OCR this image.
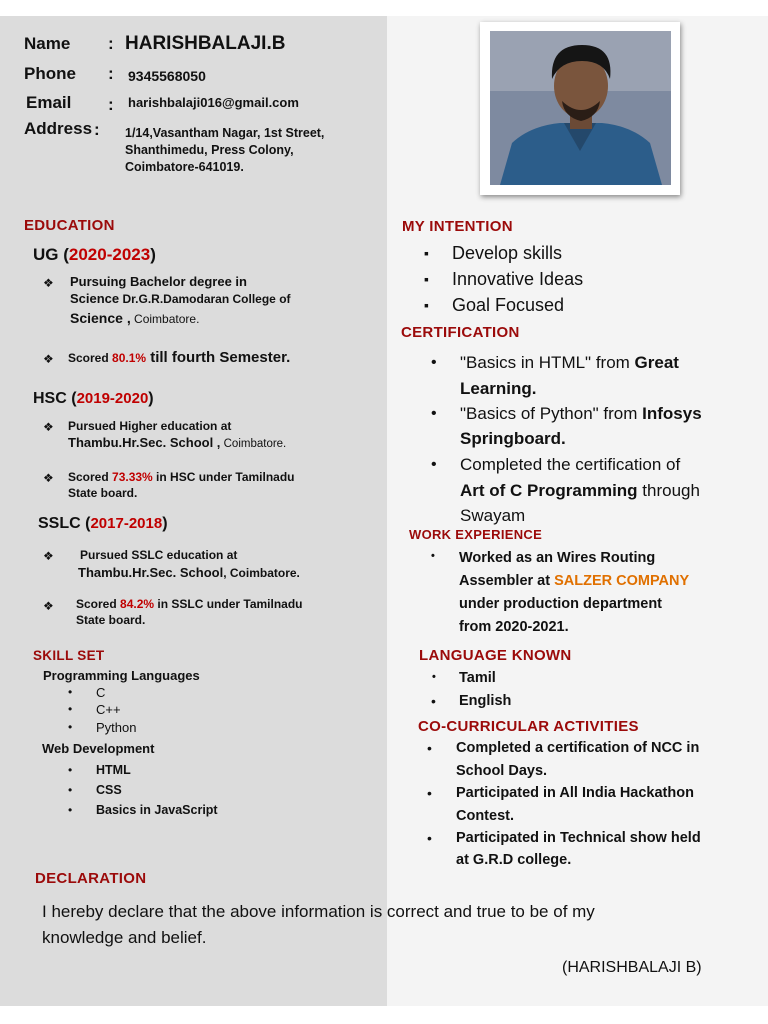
Name : HARISHBALAJI.B
Phone : 9345568050
Email : harishbalaji016@gmail.com
Address : 1/14,Vasantham Nagar, 1st Street,
Shanthimedu, Press Colony,
Coimbatore-641019.
EDUCATION
UG (2020-2023)
❖ Pursuing Bachelor degree in
Science Dr.G.R.Damodaran College of
Science , Coimbatore.
❖ Scored 80.1% till fourth Semester.
HSC (2019-2020)
❖ Pursued Higher education at
Thambu.Hr.Sec. School , Coimbatore.
❖ Scored 73.33% in HSC under Tamilnadu
State board.
SSLC (2017-2018)
❖ Pursued SSLC education at
Thambu.Hr.Sec. School, Coimbatore.
❖ Scored 84.2% in SSLC under Tamilnadu
State board.
SKILL SET
Programming Languages
• C
• C++
• Python
Web Development
• HTML
• CSS
• Basics in JavaScript
MY INTENTION
▪ Develop skills
▪ Innovative Ideas
▪ Goal Focused
CERTIFICATION
• "Basics in HTML" from Great
Learning.
• "Basics of Python" from Infosys
Springboard.
• Completed the certification of
Art of C Programming through
Swayam
WORK EXPERIENCE
• Worked as an Wires Routing
Assembler at SALZER COMPANY
under production department
from 2020-2021.
LANGUAGE KNOWN
• Tamil
• English
CO-CURRICULAR ACTIVITIES
• Completed a certification of NCC in
School Days.
• Participated in All India Hackathon
Contest.
• Participated in Technical show held
at G.R.D college.
DECLARATION
I hereby declare that the above information is correct and true to be of my
knowledge and belief.
(HARISHBALAJI B)
